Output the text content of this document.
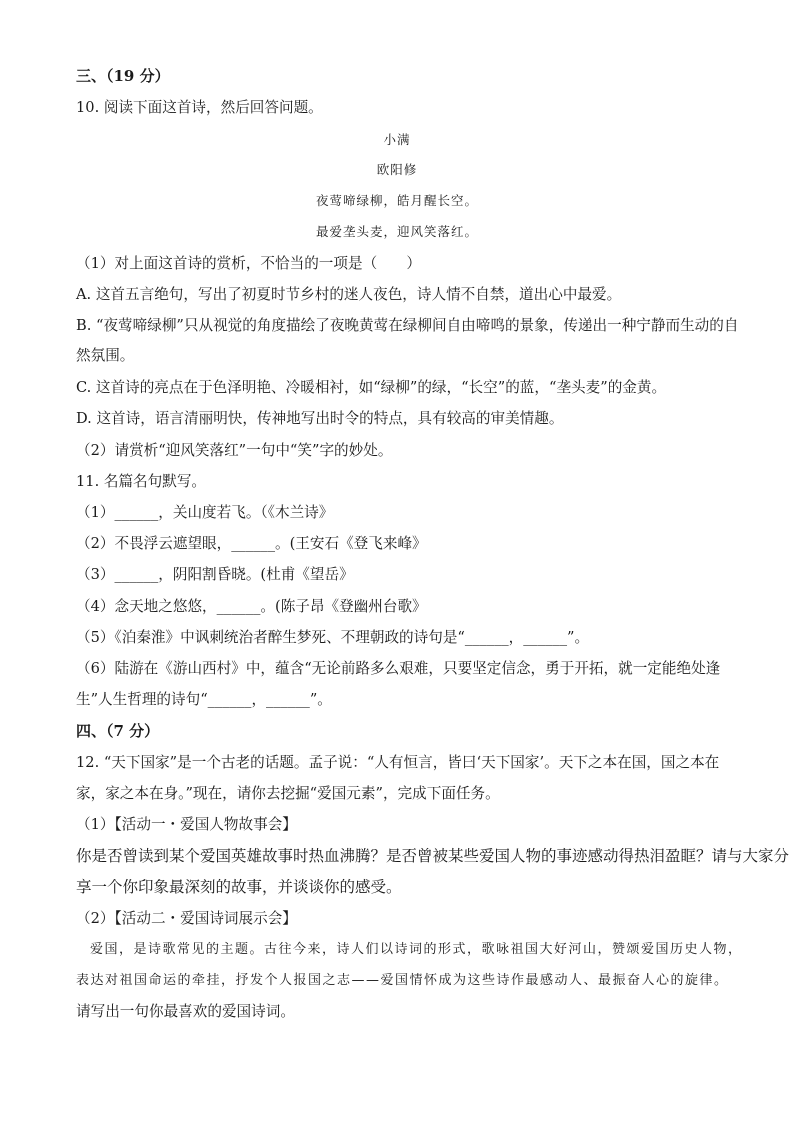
三、（19 分）
10. 阅读下面这首诗，然后回答问题。
小满
欧阳修
夜莺啼绿柳，皓月醒长空。
最爱垄头麦，迎风笑落红。
（1）对上面这首诗的赏析，不恰当的一项是（　　）
A. 这首五言绝句，写出了初夏时节乡村的迷人夜色，诗人情不自禁，道出心中最爱。
B. “夜莺啼绿柳”只从视觉的角度描绘了夜晚黄莺在绿柳间自由啼鸣的景象，传递出一种宁静而生动的自
然氛围。
C. 这首诗的亮点在于色泽明艳、冷暖相衬，如“绿柳”的绿，“长空”的蓝，“垄头麦”的金黄。
D. 这首诗，语言清丽明快，传神地写出时令的特点，具有较高的审美情趣。
（2）请赏析“迎风笑落红”一句中“笑”字的妙处。
11. 名篇名句默写。
（1）______，关山度若飞。（《木兰诗》
（2）不畏浮云遮望眼，______。(王安石《登飞来峰》
（3）______，阴阳割昏晓。(杜甫《望岳》
（4）念天地之悠悠，______。(陈子昂《登幽州台歌》
（5）《泊秦淮》中讽刺统治者醉生梦死、不理朝政的诗句是“______，______”。
（6）陆游在《游山西村》中，蕴含“无论前路多么艰难，只要坚定信念，勇于开拓，就一定能绝处逢
生”人生哲理的诗句“______，______”。
四、（7 分）
12. “天下国家”是一个古老的话题。孟子说：“人有恒言，皆曰‘天下国家’。天下之本在国，国之本在
家，家之本在身。”现在，请你去挖掘“爱国元素”，完成下面任务。
（1）【活动一・爱国人物故事会】
你是否曾读到某个爱国英雄故事时热血沸腾？是否曾被某些爱国人物的事迹感动得热泪盈眶？请与大家分
享一个你印象最深刻的故事，并谈谈你的感受。
（2）【活动二・爱国诗词展示会】
爱国，是诗歌常见的主题。古往今来，诗人们以诗词的形式，歌咏祖国大好河山，赞颂爱国历史人物，
表达对祖国命运的牵挂，抒发个人报国之志——爱国情怀成为这些诗作最感动人、最振奋人心的旋律。
请写出一句你最喜欢的爱国诗词。
